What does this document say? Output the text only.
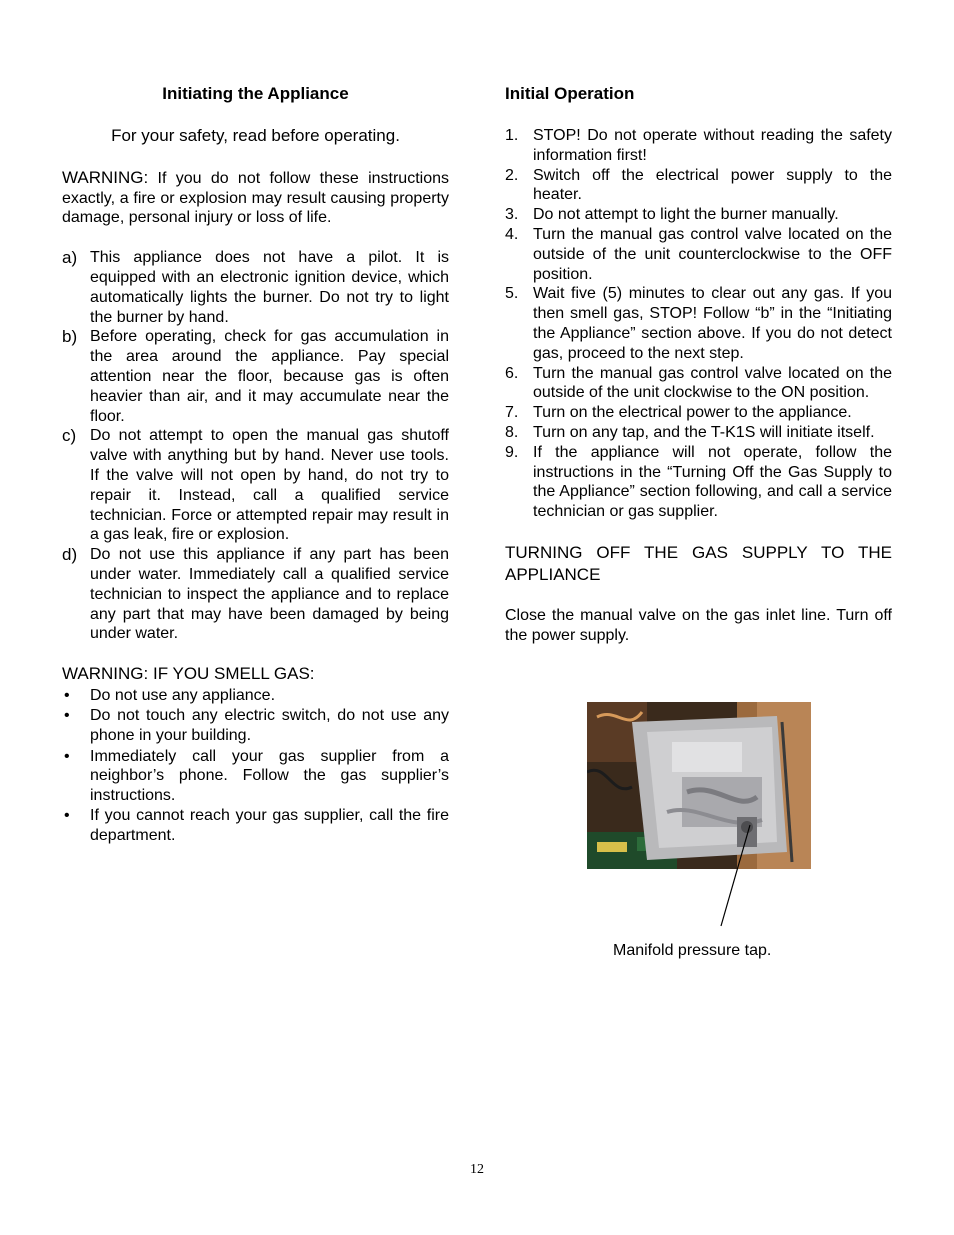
Initiating the Appliance
For your safety, read before operating.
WARNING: If you do not follow these instructions exactly, a fire or explosion may result causing property damage, personal injury or loss of life.
a) This appliance does not have a pilot. It is equipped with an electronic ignition device, which automatically lights the burner. Do not try to light the burner by hand.
b) Before operating, check for gas accumulation in the area around the appliance. Pay special attention near the floor, because gas is often heavier than air, and it may accumulate near the floor.
c) Do not attempt to open the manual gas shutoff valve with anything but by hand. Never use tools. If the valve will not open by hand, do not try to repair it. Instead, call a qualified service technician. Force or attempted repair may result in a gas leak, fire or explosion.
d) Do not use this appliance if any part has been under water. Immediately call a qualified service technician to inspect the appliance and to replace any part that may have been damaged by being under water.
WARNING: IF YOU SMELL GAS:
• Do not use any appliance.
• Do not touch any electric switch, do not use any phone in your building.
• Immediately call your gas supplier from a neighbor’s phone. Follow the gas supplier’s instructions.
• If you cannot reach your gas supplier, call the fire department.
Initial Operation
1. STOP! Do not operate without reading the safety information first!
2. Switch off the electrical power supply to the heater.
3. Do not attempt to light the burner manually.
4. Turn the manual gas control valve located on the outside of the unit counterclockwise to the OFF position.
5. Wait five (5) minutes to clear out any gas. If you then smell gas, STOP! Follow “b” in the “Initiating the Appliance” section above. If you do not detect gas, proceed to the next step.
6. Turn the manual gas control valve located on the outside of the unit clockwise to the ON position.
7. Turn on the electrical power to the appliance.
8. Turn on any tap, and the T-K1S will initiate itself.
9. If the appliance will not operate, follow the instructions in the “Turning Off the Gas Supply to the Appliance” section following, and call a service technician or gas supplier.
TURNING OFF THE GAS SUPPLY TO THE APPLIANCE
Close the manual valve on the gas inlet line. Turn off the power supply.
Manifold pressure tap.
12
